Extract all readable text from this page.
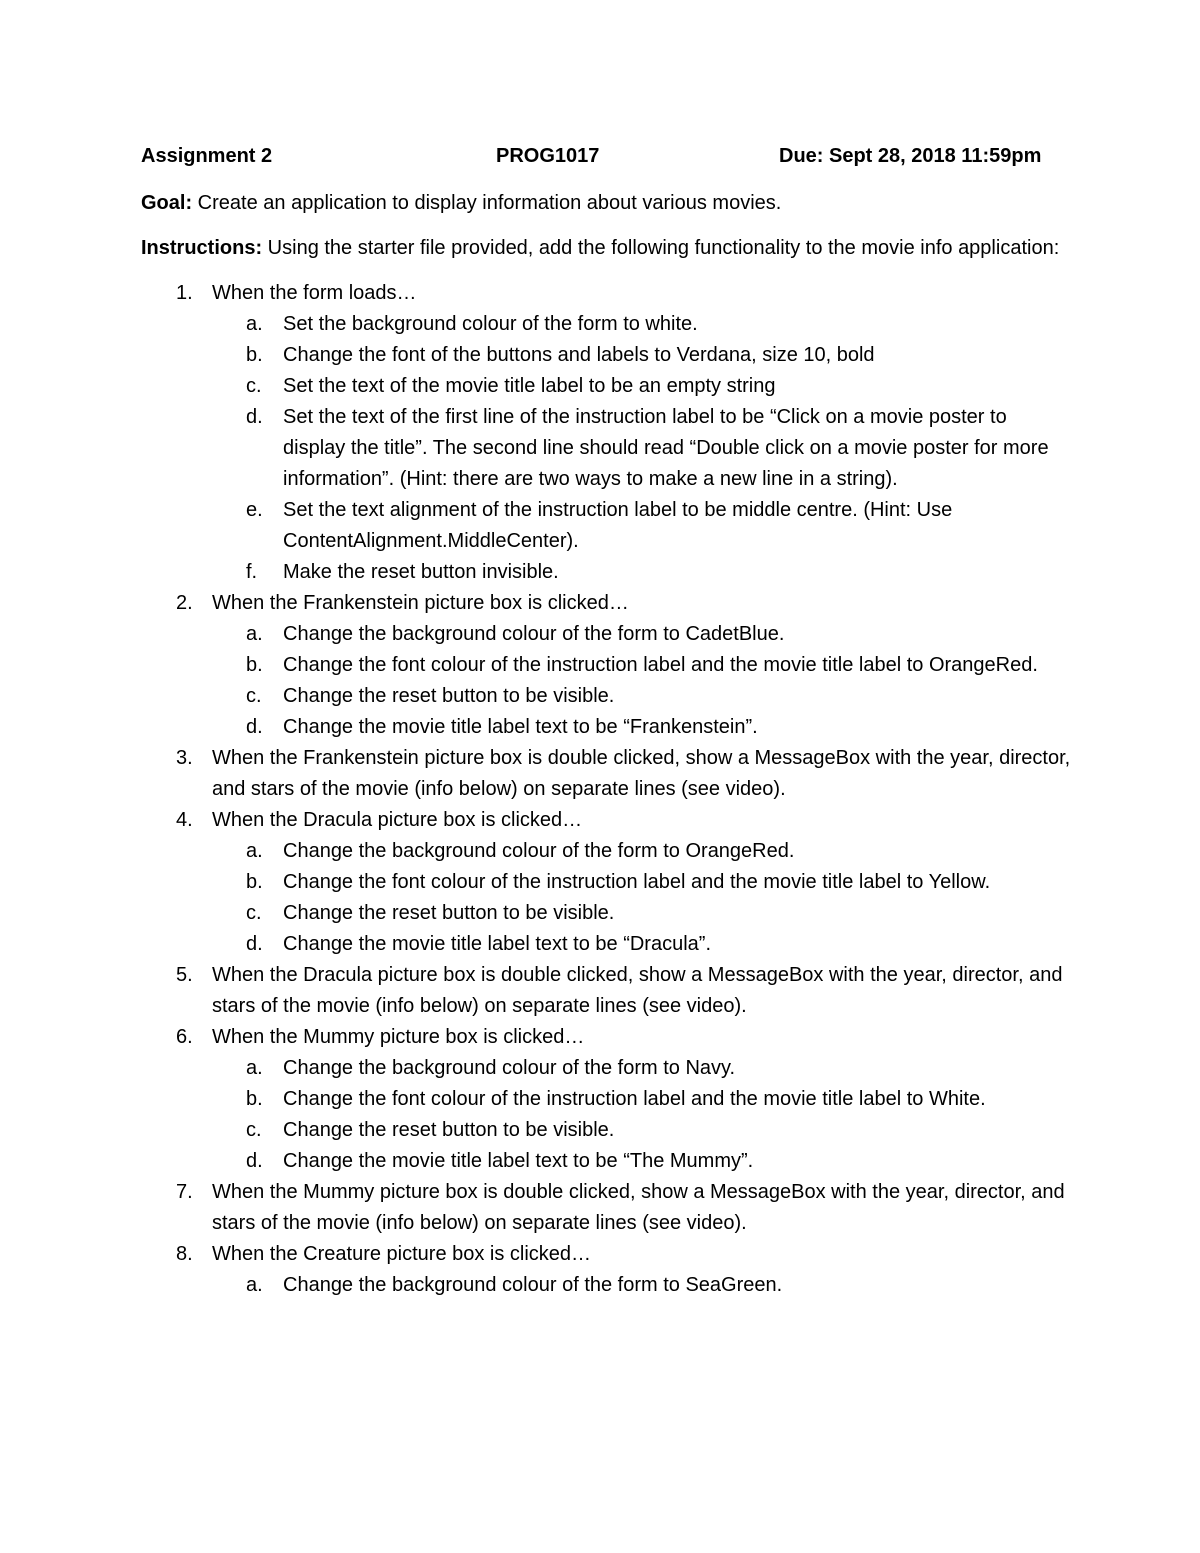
Assignment 2	PROG1017	Due: Sept 28, 2018 11:59pm

Goal: Create an application to display information about various movies.

Instructions: Using the starter file provided, add the following functionality to the movie info application:

1. When the form loads…
a.	Set the background colour of the form to white.
b.	Change the font of the buttons and labels to Verdana, size 10, bold
c.	Set the text of the movie title label to be an empty string
d.	Set the text of the first line of the instruction label to be “Click on a movie poster to display the title”. The second line should read “Double click on a movie poster for more information”. (Hint: there are two ways to make a new line in a string).
e.	Set the text alignment of the instruction label to be middle centre. (Hint: Use ContentAlignment.MiddleCenter).
f.	Make the reset button invisible.
2. When the Frankenstein picture box is clicked…
a.	Change the background colour of the form to CadetBlue.
b.	Change the font colour of the instruction label and the movie title label to OrangeRed.
c.	Change the reset button to be visible.
d.	Change the movie title label text to be “Frankenstein”.
3. When the Frankenstein picture box is double clicked, show a MessageBox with the year, director, and stars of the movie (info below) on separate lines (see video).
4. When the Dracula picture box is clicked…
a.	Change the background colour of the form to OrangeRed.
b.	Change the font colour of the instruction label and the movie title label to Yellow.
c.	Change the reset button to be visible.
d.	Change the movie title label text to be “Dracula”.
5. When the Dracula picture box is double clicked, show a MessageBox with the year, director, and stars of the movie (info below) on separate lines (see video).
6. When the Mummy picture box is clicked…
a.	Change the background colour of the form to Navy.
b.	Change the font colour of the instruction label and the movie title label to White.
c.	Change the reset button to be visible.
d.	Change the movie title label text to be “The Mummy”.
7. When the Mummy picture box is double clicked, show a MessageBox with the year, director, and stars of the movie (info below) on separate lines (see video).
8. When the Creature picture box is clicked…
a.	Change the background colour of the form to SeaGreen.
